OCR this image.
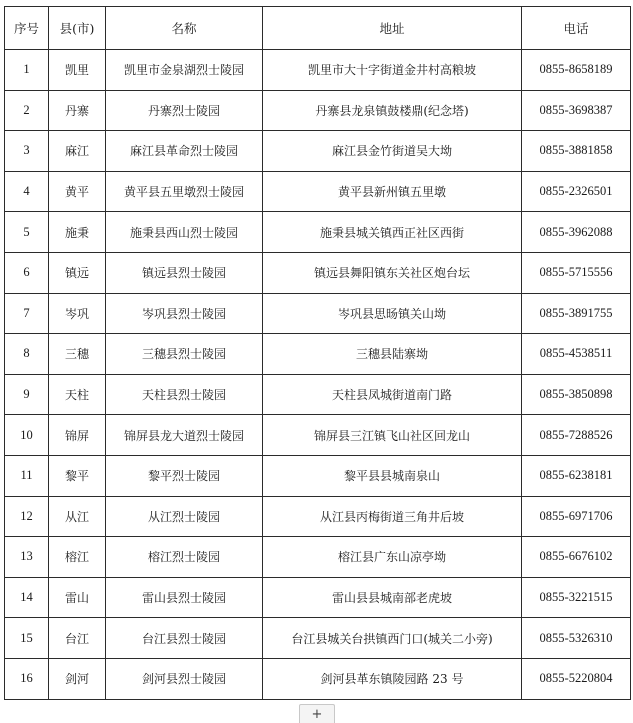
序号	县(市)	名称	地址	电话
1	凯里	凯里市金泉湖烈士陵园	凯里市大十字街道金井村高粮坡	0855-8658189
2	丹寨	丹寨烈士陵园	丹寨县龙泉镇鼓楼鼎(纪念塔)	0855-3698387
3	麻江	麻江县革命烈士陵园	麻江县金竹街道吴大坳	0855-3881858
4	黄平	黄平县五里墩烈士陵园	黄平县新州镇五里墩	0855-2326501
5	施秉	施秉县西山烈士陵园	施秉县城关镇西正社区西街	0855-3962088
6	镇远	镇远县烈士陵园	镇远县舞阳镇东关社区炮台坛	0855-5715556
7	岑巩	岑巩县烈士陵园	岑巩县思旸镇关山坳	0855-3891755
8	三穗	三穗县烈士陵园	三穗县陆寨坳	0855-4538511
9	天柱	天柱县烈士陵园	天柱县凤城街道南门路	0855-3850898
10	锦屏	锦屏县龙大道烈士陵园	锦屏县三江镇飞山社区回龙山	0855-7288526
11	黎平	黎平烈士陵园	黎平县县城南泉山	0855-6238181
12	从江	从江烈士陵园	从江县丙梅街道三角井后坡	0855-6971706
13	榕江	榕江烈士陵园	榕江县广东山凉亭坳	0855-6676102
14	雷山	雷山县烈士陵园	雷山县县城南部老虎坡	0855-3221515
15	台江	台江县烈士陵园	台江县城关台拱镇西门口(城关二小旁)	0855-5326310
16	剑河	剑河县烈士陵园	剑河县革东镇陵园路 23 号	0855-5220804
+
